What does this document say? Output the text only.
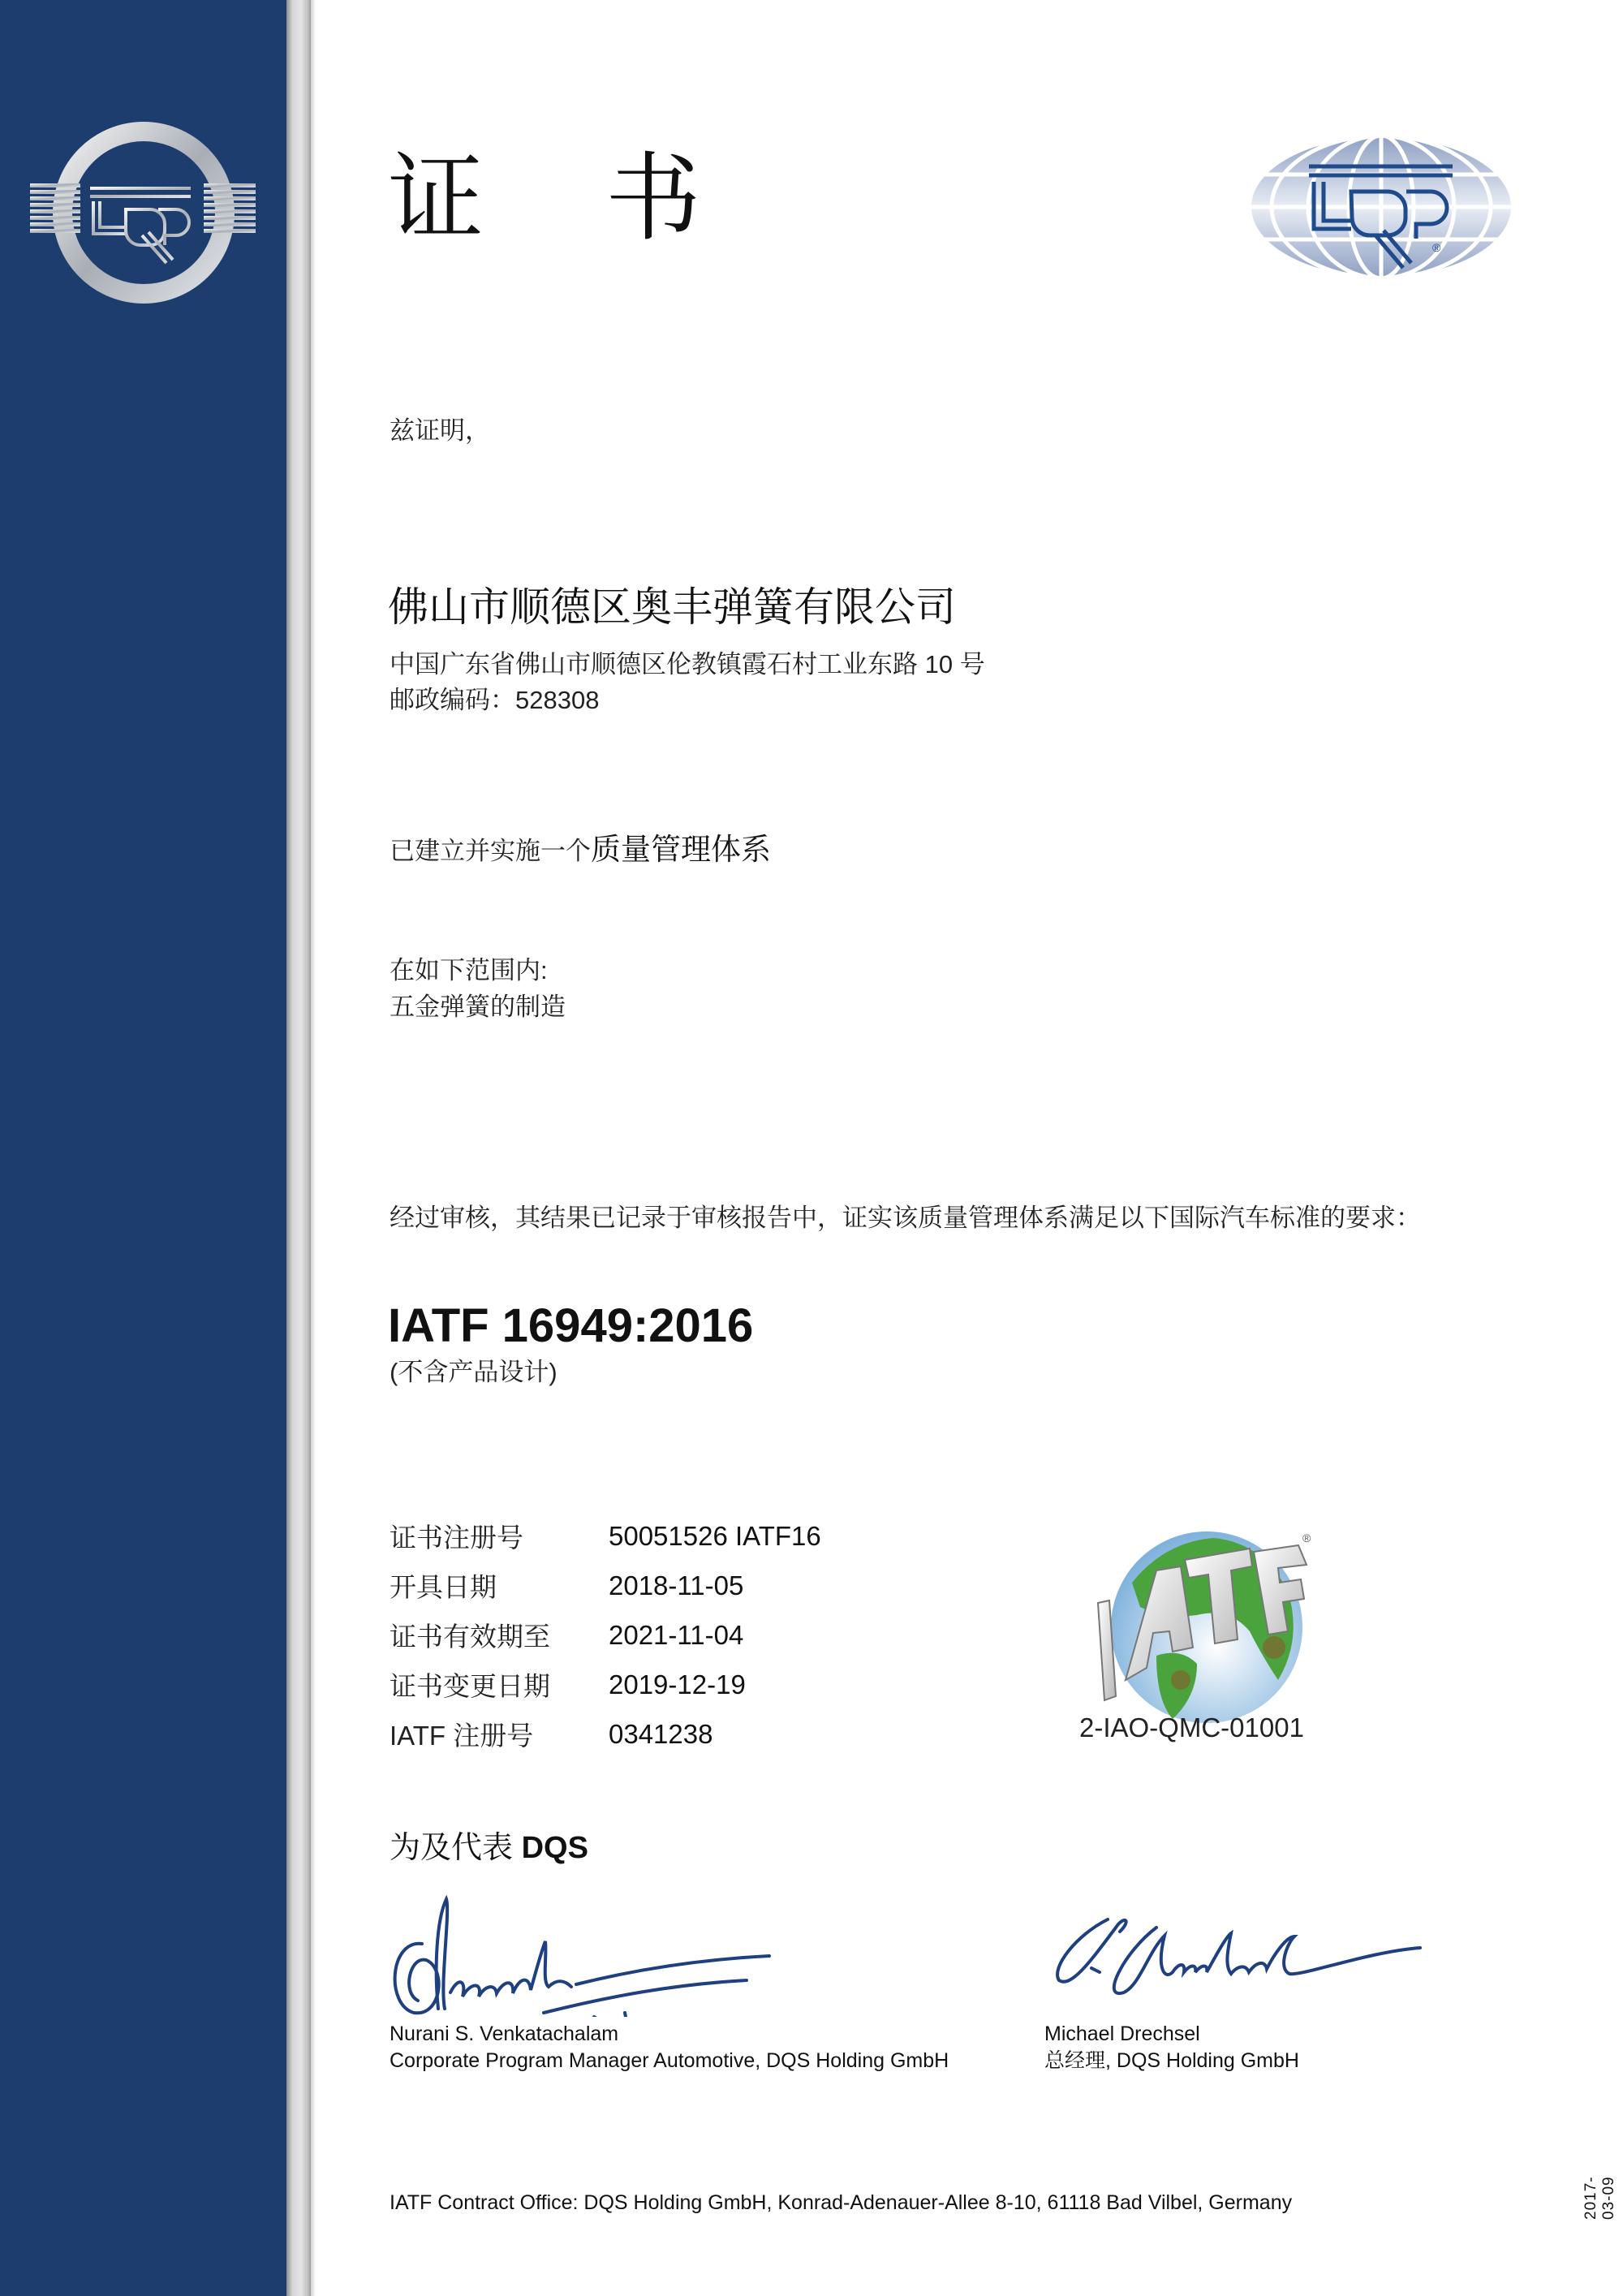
证 书	®
兹证明，
佛山市顺德区奥丰弹簧有限公司
中国广东省佛山市顺德区伦教镇霞石村工业东路 10 号
邮政编码：528308
已建立并实施一个质量管理体系
在如下范围内:
五金弹簧的制造
经过审核，其结果已记录于审核报告中，证实该质量管理体系满足以下国际汽车标准的要求：
IATF 16949:2016
(不含产品设计)
证书注册号	50051526 IATF16
开具日期	2018-11-05
证书有效期至	2021-11-04
证书变更日期	2019-12-19
IATF 注册号	0341238
®
2-IAO-QMC-01001
为及代表 DQS
Nurani S. Venkatachalam
Corporate Program Manager Automotive, DQS Holding GmbH
Michael Drechsel
总经理, DQS Holding GmbH
IATF Contract Office: DQS Holding GmbH, Konrad-Adenauer-Allee 8-10, 61118 Bad Vilbel, Germany	2017-03-09
